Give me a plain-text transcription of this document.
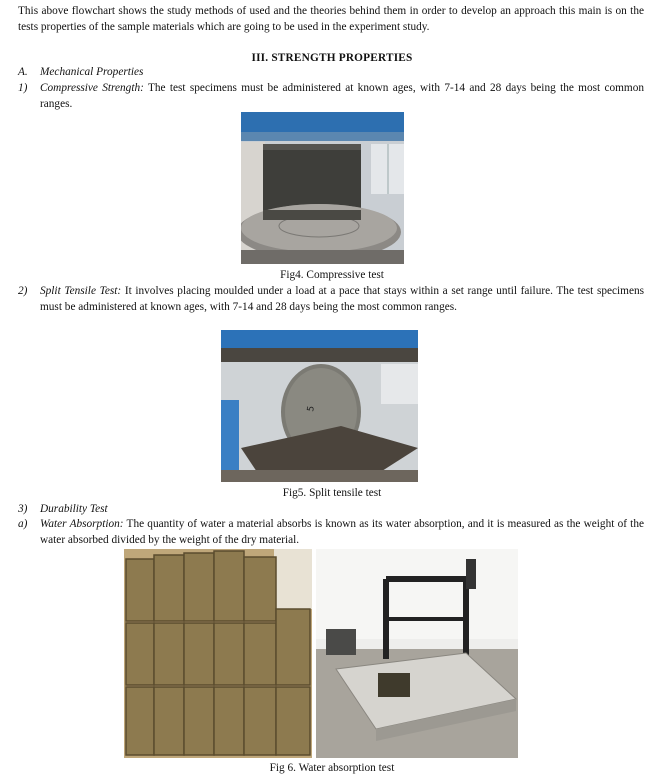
This above flowchart shows the study methods of used and the theories behind them in order to develop an approach this main is on the tests properties of the sample materials which are going to be used in the experiment study.
III. STRENGTH PROPERTIES
A. Mechanical Properties
1) Compressive Strength: The test specimens must be administered at known ages, with 7-14 and 28 days being the most common ranges.
Fig4. Compressive test
2) Split Tensile Test: It involves placing moulded under a load at a pace that stays within a set range until failure. The test specimens must be administered at known ages, with 7-14 and 28 days being the most common ranges.
5
Fig5. Split tensile test
3) Durability Test
a) Water Absorption: The quantity of water a material absorbs is known as its water absorption, and it is measured as the weight of the water absorbed divided by the weight of the dry material.
Fig 6. Water absorption test
